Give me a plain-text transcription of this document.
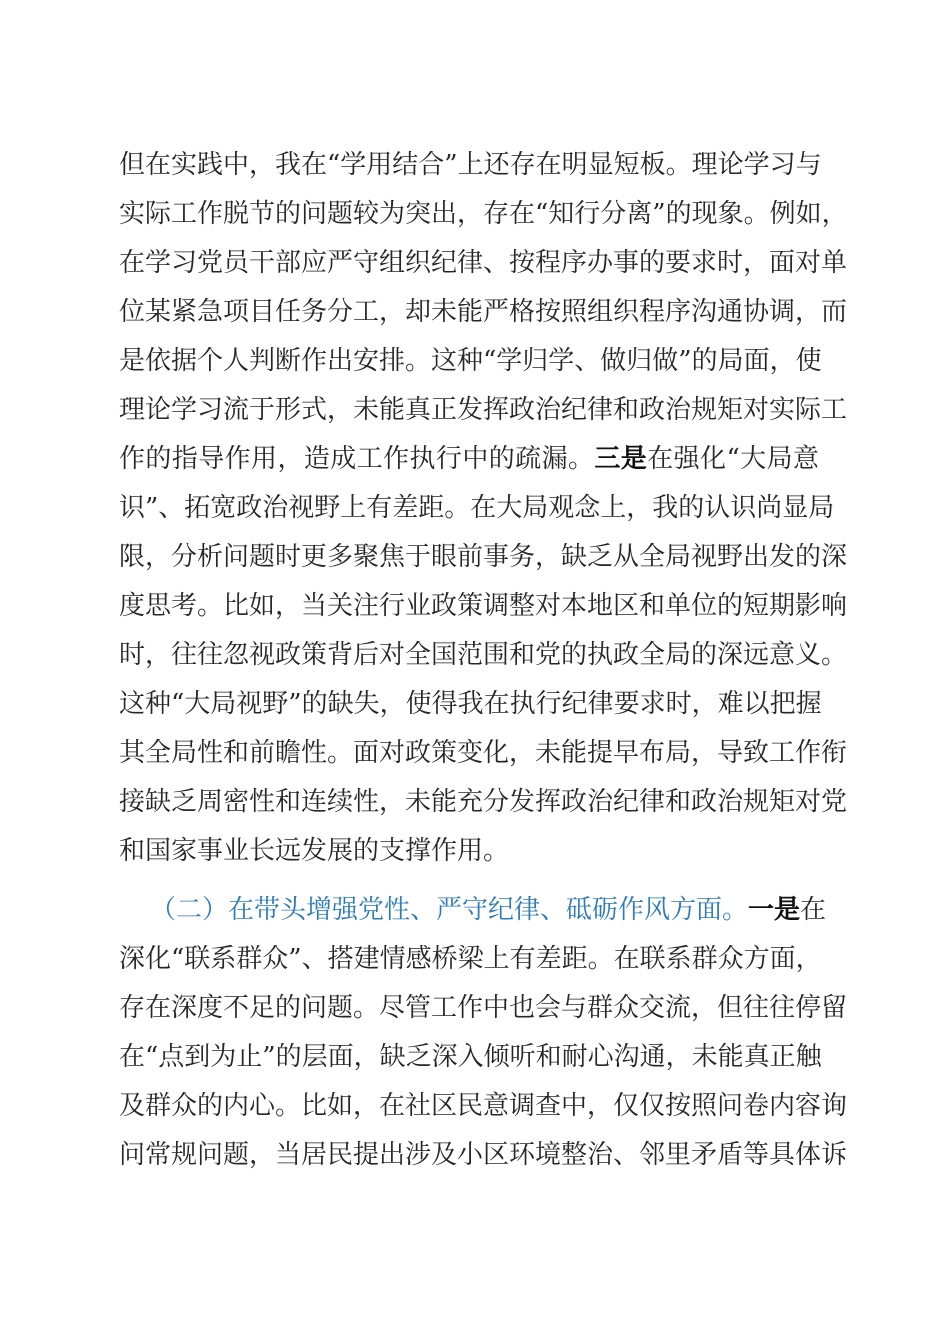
但在实践中，我在“学用结合”上还存在明显短板。理论学习与
实际工作脱节的问题较为突出，存在“知行分离”的现象。例如，
在学习党员干部应严守组织纪律、按程序办事的要求时，面对单
位某紧急项目任务分工，却未能严格按照组织程序沟通协调，而
是依据个人判断作出安排。这种“学归学、做归做”的局面，使
理论学习流于形式，未能真正发挥政治纪律和政治规矩对实际工
作的指导作用，造成工作执行中的疏漏。三是在强化“大局意
识”、拓宽政治视野上有差距。在大局观念上，我的认识尚显局
限，分析问题时更多聚焦于眼前事务，缺乏从全局视野出发的深
度思考。比如，当关注行业政策调整对本地区和单位的短期影响
时，往往忽视政策背后对全国范围和党的执政全局的深远意义。
这种“大局视野”的缺失，使得我在执行纪律要求时，难以把握
其全局性和前瞻性。面对政策变化，未能提早布局，导致工作衔
接缺乏周密性和连续性，未能充分发挥政治纪律和政治规矩对党
和国家事业长远发展的支撑作用。
（二）在带头增强党性、严守纪律、砥砺作风方面。一是在
深化“联系群众”、搭建情感桥梁上有差距。在联系群众方面，
存在深度不足的问题。尽管工作中也会与群众交流，但往往停留
在“点到为止”的层面，缺乏深入倾听和耐心沟通，未能真正触
及群众的内心。比如，在社区民意调查中，仅仅按照问卷内容询
问常规问题，当居民提出涉及小区环境整治、邻里矛盾等具体诉
